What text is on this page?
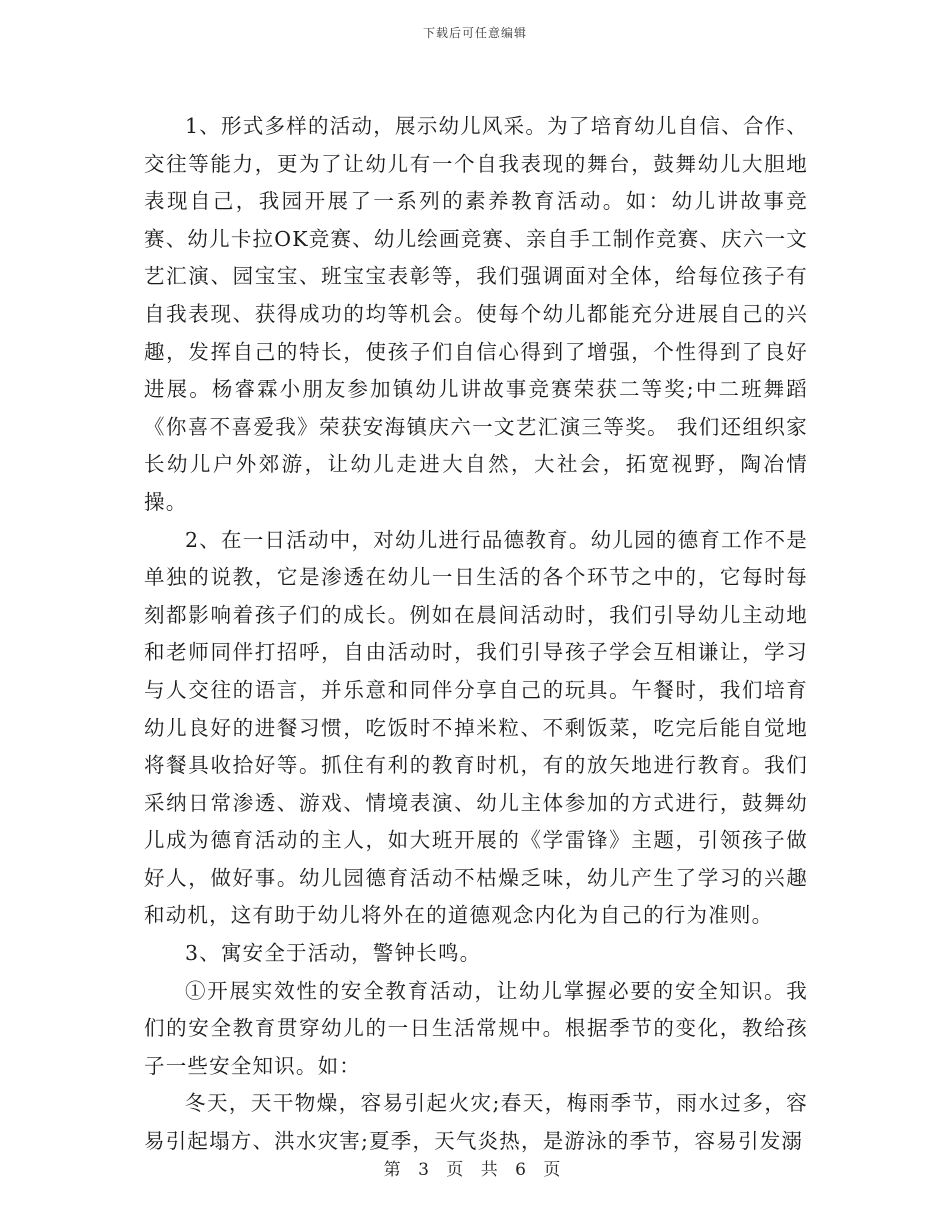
下载后可任意编辑

1、形式多样的活动，展示幼儿风采。为了培育幼儿自信、合作、交往等能力，更为了让幼儿有一个自我表现的舞台，鼓舞幼儿大胆地表现自己，我园开展了一系列的素养教育活动。如：幼儿讲故事竞赛、幼儿卡拉OK竞赛、幼儿绘画竞赛、亲自手工制作竞赛、庆六一文艺汇演、园宝宝、班宝宝表彰等，我们强调面对全体，给每位孩子有自我表现、获得成功的均等机会。使每个幼儿都能充分进展自己的兴趣，发挥自己的特长，使孩子们自信心得到了增强，个性得到了良好进展。杨睿霖小朋友参加镇幼儿讲故事竞赛荣获二等奖;中二班舞蹈《你喜不喜爱我》荣获安海镇庆六一文艺汇演三等奖。 我们还组织家长幼儿户外郊游，让幼儿走进大自然，大社会，拓宽视野，陶冶情操。

2、在一日活动中，对幼儿进行品德教育。幼儿园的德育工作不是单独的说教，它是渗透在幼儿一日生活的各个环节之中的，它每时每刻都影响着孩子们的成长。例如在晨间活动时，我们引导幼儿主动地和老师同伴打招呼，自由活动时，我们引导孩子学会互相谦让，学习与人交往的语言，并乐意和同伴分享自己的玩具。午餐时，我们培育幼儿良好的进餐习惯，吃饭时不掉米粒、不剩饭菜，吃完后能自觉地将餐具收拾好等。抓住有利的教育时机，有的放矢地进行教育。我们采纳日常渗透、游戏、情境表演、幼儿主体参加的方式进行，鼓舞幼儿成为德育活动的主人，如大班开展的《学雷锋》主题，引领孩子做好人，做好事。幼儿园德育活动不枯燥乏味，幼儿产生了学习的兴趣和动机，这有助于幼儿将外在的道德观念内化为自己的行为准则。

3、寓安全于活动，警钟长鸣。

①开展实效性的安全教育活动，让幼儿掌握必要的安全知识。我们的安全教育贯穿幼儿的一日生活常规中。根据季节的变化，教给孩子一些安全知识。如：

冬天，天干物燥，容易引起火灾;春天，梅雨季节，雨水过多，容易引起塌方、洪水灾害;夏季，天气炎热，是游泳的季节，容易引发溺

第 3 页 共 6 页
